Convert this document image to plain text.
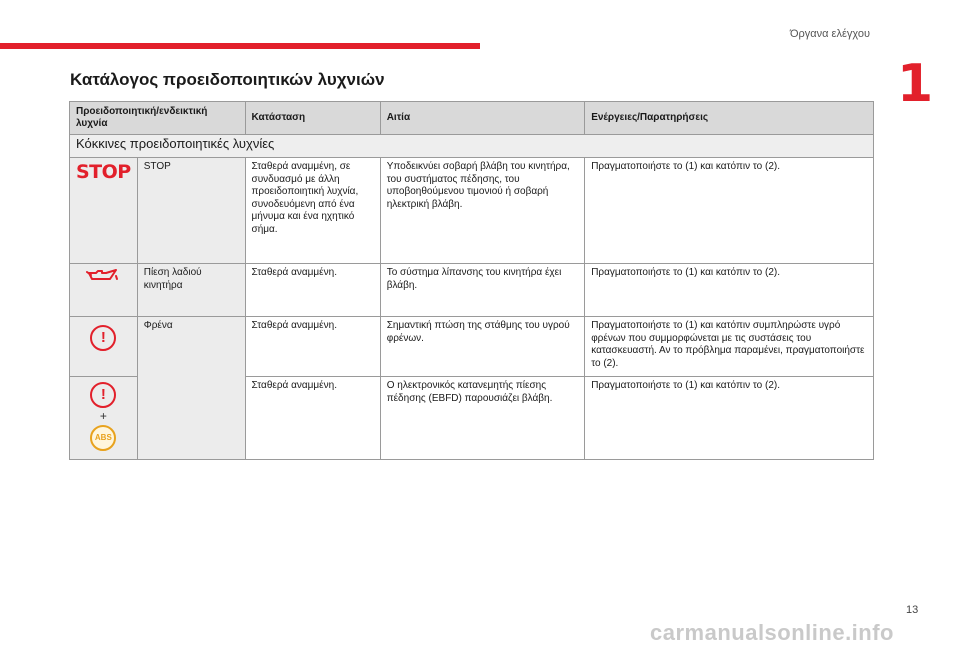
Όργανα ελέγχου
1
Κατάλογος προειδοποιητικών λυχνιών
Προειδοποιητική/ενδεικτική λυχνία		Κατάσταση	Αιτία	Ενέργειες/Παρατηρήσεις
Κόκκινες προειδοποιητικές λυχνίες				
STOP	STOP	Σταθερά αναμμένη, σε συνδυασμό με άλλη προειδοποιητική λυχνία, συνοδευόμενη από ένα μήνυμα και ένα ηχητικό σήμα.	Υποδεικνύει σοβαρή βλάβη του κινητήρα, του συστήματος πέδησης, του υποβοηθούμενου τιμονιού ή σοβαρή ηλεκτρική βλάβη.	Πραγματοποιήστε το (1) και κατόπιν το (2).
	Πίεση λαδιού κινητήρα	Σταθερά αναμμένη.	Το σύστημα λίπανσης του κινητήρα έχει βλάβη.	Πραγματοποιήστε το (1) και κατόπιν το (2).
!	Φρένα	Σταθερά αναμμένη.	Σημαντική πτώση της στάθμης του υγρού φρένων.	Πραγματοποιήστε το (1) και κατόπιν συμπληρώστε υγρό φρένων που συμμορφώνεται με τις συστάσεις του κατασκευαστή. Αν το πρόβλημα παραμένει, πραγματοποιήστε το (2).
!
+
ABS		Σταθερά αναμμένη.	Ο ηλεκτρονικός κατανεμητής πίεσης πέδησης (EBFD) παρουσιάζει βλάβη.	Πραγματοποιήστε το (1) και κατόπιν το (2).
13
carmanualsonline.info
